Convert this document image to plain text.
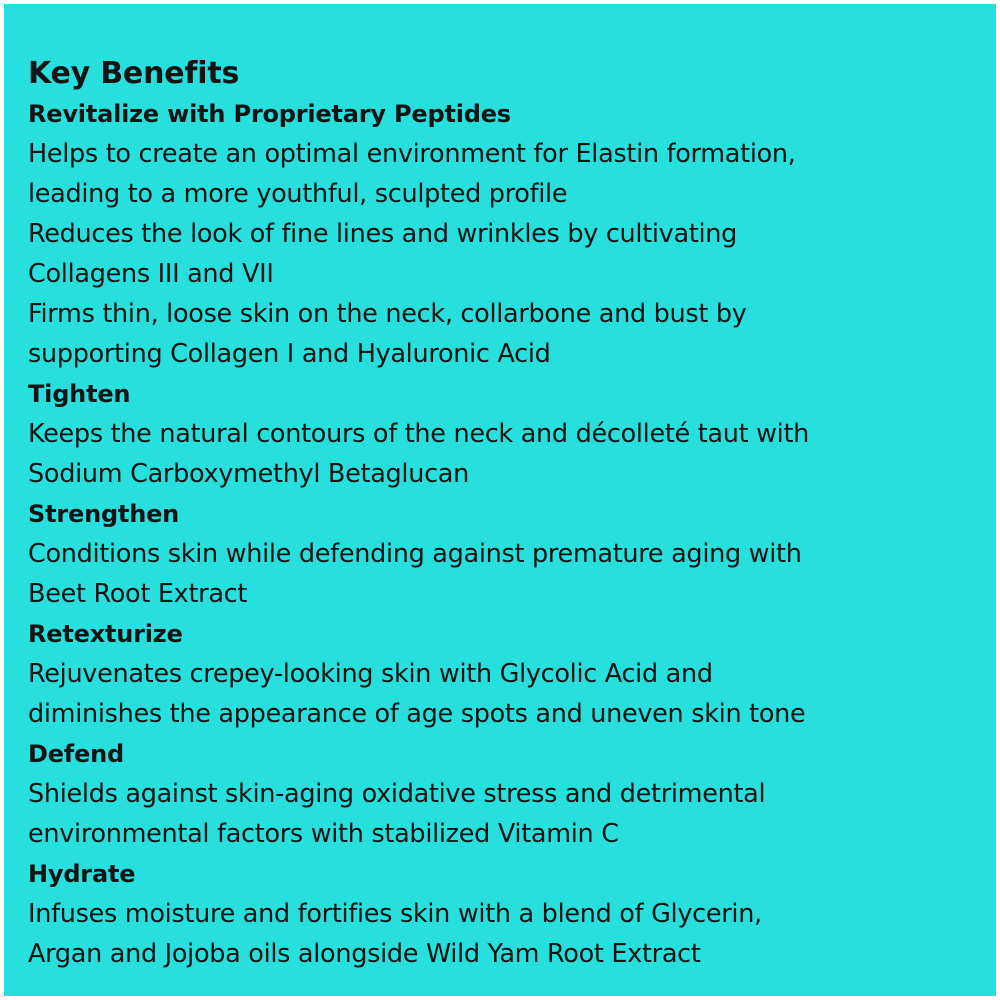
Key Benefits
Revitalize with Proprietary Peptides
Helps to create an optimal environment for Elastin formation,
leading to a more youthful, sculpted profile
Reduces the look of fine lines and wrinkles by cultivating
Collagens III and VII
Firms thin, loose skin on the neck, collarbone and bust by
supporting Collagen I and Hyaluronic Acid
Tighten
Keeps the natural contours of the neck and décolleté taut with
Sodium Carboxymethyl Betaglucan
Strengthen
Conditions skin while defending against premature aging with
Beet Root Extract
Retexturize
Rejuvenates crepey-looking skin with Glycolic Acid and
diminishes the appearance of age spots and uneven skin tone
Defend
Shields against skin-aging oxidative stress and detrimental
environmental factors with stabilized Vitamin C
Hydrate
Infuses moisture and fortifies skin with a blend of Glycerin,
Argan and Jojoba oils alongside Wild Yam Root Extract
